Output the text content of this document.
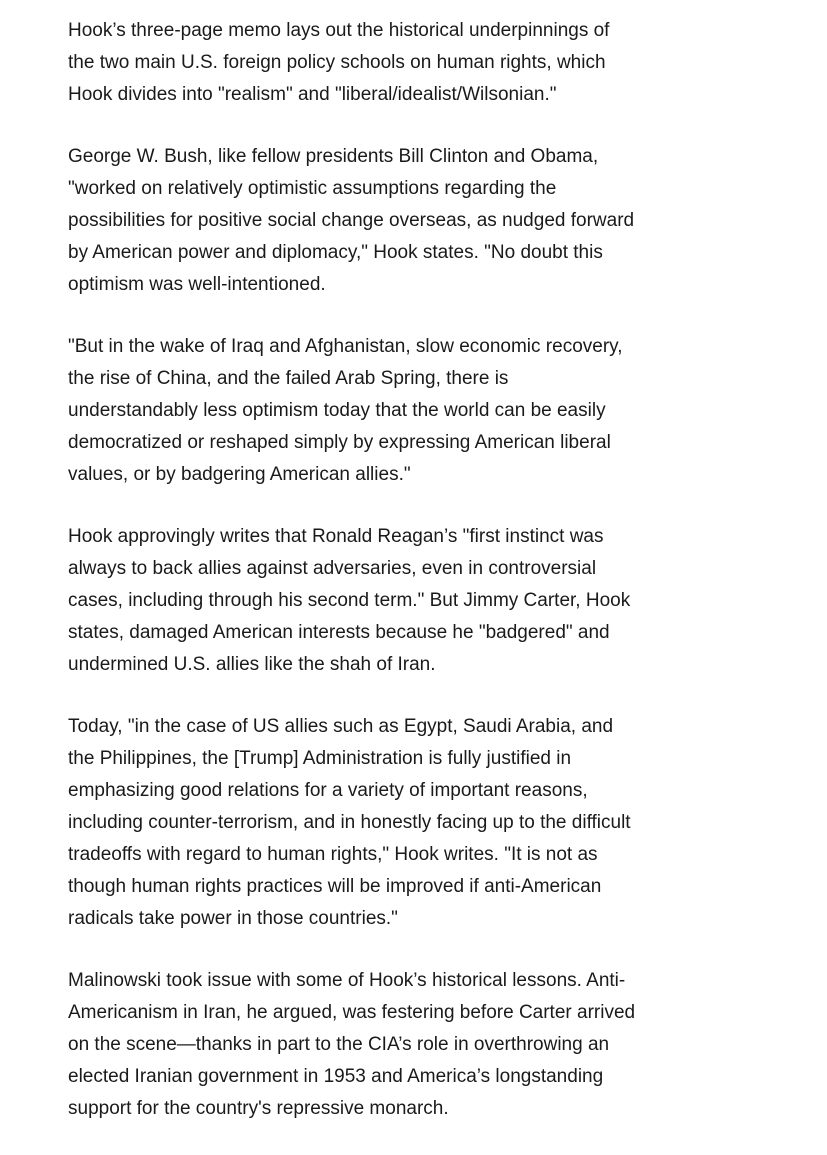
Hook’s three-page memo lays out the historical underpinnings of
the two main U.S. foreign policy schools on human rights, which
Hook divides into "realism" and "liberal/idealist/Wilsonian."

George W. Bush, like fellow presidents Bill Clinton and Obama,
"worked on relatively optimistic assumptions regarding the
possibilities for positive social change overseas, as nudged forward
by American power and diplomacy," Hook states. "No doubt this
optimism was well-intentioned.

"But in the wake of Iraq and Afghanistan, slow economic recovery,
the rise of China, and the failed Arab Spring, there is
understandably less optimism today that the world can be easily
democratized or reshaped simply by expressing American liberal
values, or by badgering American allies."

Hook approvingly writes that Ronald Reagan’s "first instinct was
always to back allies against adversaries, even in controversial
cases, including through his second term." But Jimmy Carter, Hook
states, damaged American interests because he "badgered" and
undermined U.S. allies like the shah of Iran.

Today, "in the case of US allies such as Egypt, Saudi Arabia, and
the Philippines, the [Trump] Administration is fully justified in
emphasizing good relations for a variety of important reasons,
including counter-terrorism, and in honestly facing up to the difficult
tradeoffs with regard to human rights," Hook writes. "It is not as
though human rights practices will be improved if anti-American
radicals take power in those countries."

Malinowski took issue with some of Hook’s historical lessons. Anti-
Americanism in Iran, he argued, was festering before Carter arrived
on the scene—thanks in part to the CIA’s role in overthrowing an
elected Iranian government in 1953 and America’s longstanding
support for the country's repressive monarch.
